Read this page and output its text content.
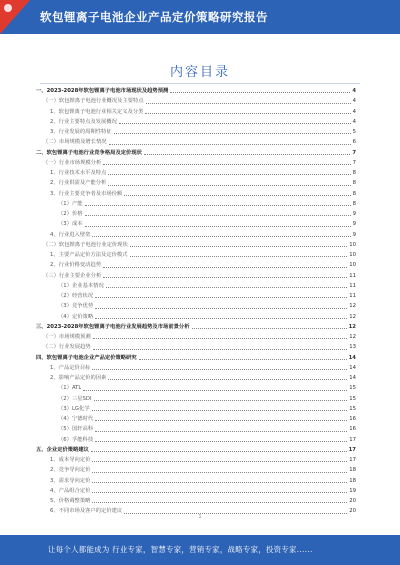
软包锂离子电池企业产品定价策略研究报告
内容目录
一、2023-2028年软包锂离子电池市场现状及趋势预测	4
（一）软包锂离子电池行业概况及主要特点	4
1、软包锂离子电池行业相关定义及分类	4
2、行业主要特点及发展概况	4
3、行业发展的周期性特征	5
（二）市场规模及增长情况	6
二、软包锂离子电池行业竞争格局及定价现状	7
（一）行业市场规模分析	7
1、行业技术水平及特点	8
2、行业供需及产能分析	8
3、行业主要竞争者及市场份额	8
（1）产能	8
（2）价格	9
（3）成本	9
4、行业进入壁垒	9
（二）软包锂离子电池行业定价现状	10
1、主要产品定价方法及定价模式	10
2、行业价格变动趋势	10
（三）行业主要企业分析	11
（1）企业基本情况	11
（2）经营状况	11
（3）竞争优势	12
（4）定价策略	12
三、2023-2028年软包锂离子电池行业发展趋势及市场前景分析	12
（一）市场规模预测	12
（二）行业发展趋势	13
四、软包锂离子电池企业产品定价策略研究	14
1、产品定价目标	14
2、影响产品定价的因素	14
（1）ATL	15
（2）三星SDI	15
（3）LG化学	15
（4）宁德时代	16
（5）国轩高科	16
（6）孚能科技	17
五、企业定价策略建议	17
1、成本导向定价	17
2、竞争导向定价	18
3、需求导向定价	18
4、产品组合定价	19
5、价格调整策略	20
6、不同市场及客户的定价建议	20
1
让每个人都能成为 行业专家，智慧专家，营销专家，战略专家，投资专家......
